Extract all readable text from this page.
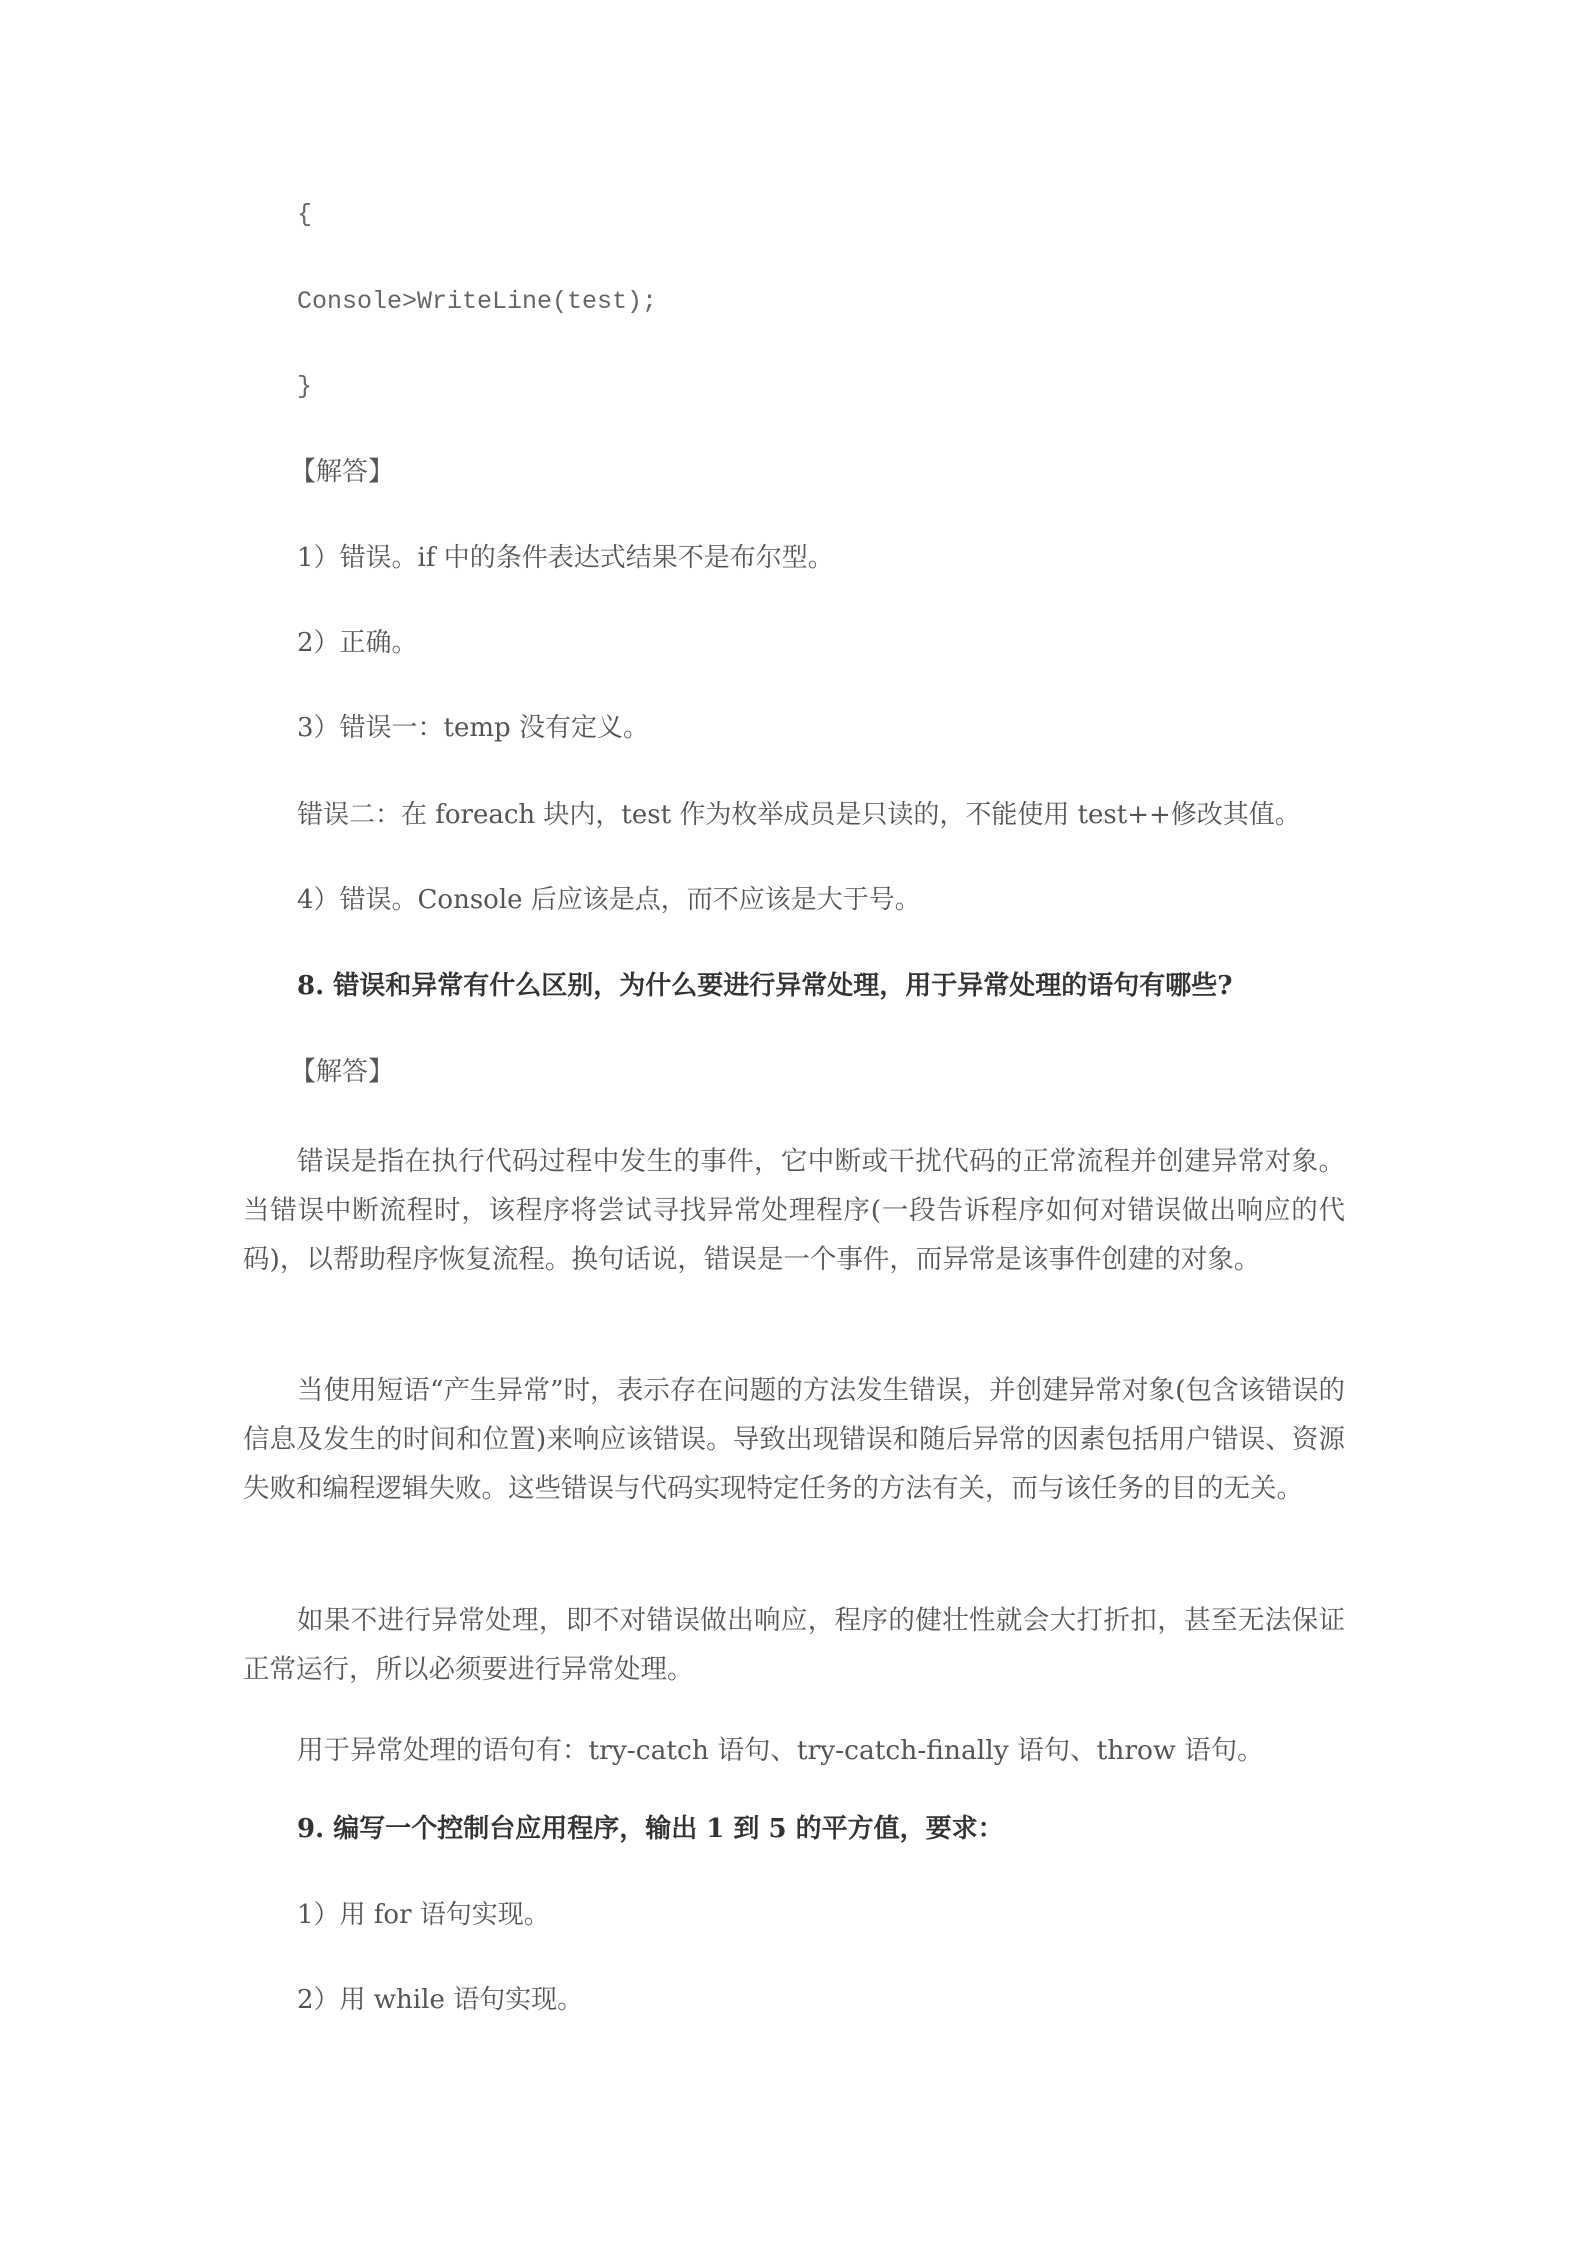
{
Console>WriteLine(test);
}
【解答】
1）错误。if 中的条件表达式结果不是布尔型。
2）正确。
3）错误一：temp 没有定义。
错误二：在 foreach 块内，test 作为枚举成员是只读的，不能使用 test++修改其值。
4）错误。Console 后应该是点，而不应该是大于号。
8. 错误和异常有什么区别，为什么要进行异常处理，用于异常处理的语句有哪些?
【解答】
错误是指在执行代码过程中发生的事件，它中断或干扰代码的正常流程并创建异常对象。当错误中断流程时，该程序将尝试寻找异常处理程序(一段告诉程序如何对错误做出响应的代码)，以帮助程序恢复流程。换句话说，错误是一个事件，而异常是该事件创建的对象。
当使用短语“产生异常”时，表示存在问题的方法发生错误，并创建异常对象(包含该错误的信息及发生的时间和位置)来响应该错误。导致出现错误和随后异常的因素包括用户错误、资源失败和编程逻辑失败。这些错误与代码实现特定任务的方法有关，而与该任务的目的无关。
如果不进行异常处理，即不对错误做出响应，程序的健壮性就会大打折扣，甚至无法保证正常运行，所以必须要进行异常处理。
用于异常处理的语句有：try-catch 语句、try-catch-finally 语句、throw 语句。
9. 编写一个控制台应用程序，输出 1 到 5 的平方值，要求：
1）用 for 语句实现。
2）用 while 语句实现。
